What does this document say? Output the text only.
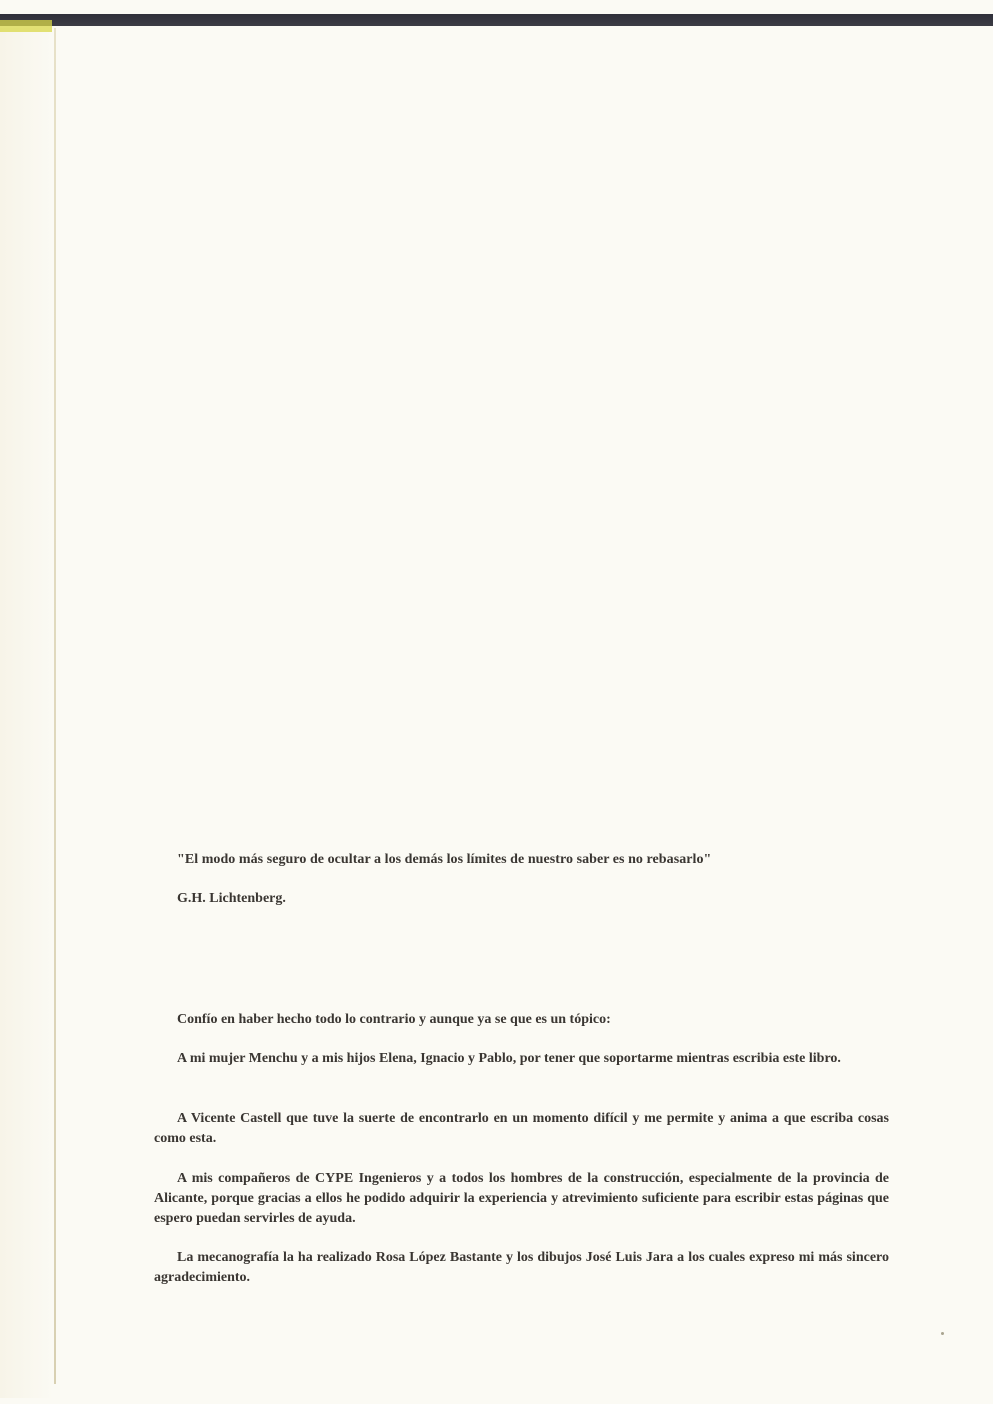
"El modo más seguro de ocultar a los demás los límites de nuestro saber es no rebasarlo"
G.H. Lichtenberg.

Confío en haber hecho todo lo contrario y aunque ya se que es un tópico:

A mi mujer Menchu y a mis hijos Elena, Ignacio y Pablo, por tener que soportarme mientras escribia este libro.

A Vicente Castell que tuve la suerte de encontrarlo en un momento difícil y me permite y anima a que escriba cosas como esta.

A mis compañeros de CYPE Ingenieros y a todos los hombres de la construcción, especialmente de la provincia de Alicante, porque gracias a ellos he podido adquirir la experiencia y atrevimiento suficiente para escribir estas páginas que espero puedan servirles de ayuda.

La mecanografía la ha realizado Rosa López Bastante y los dibujos José Luis Jara a los cuales expreso mi más sincero agradecimiento.
